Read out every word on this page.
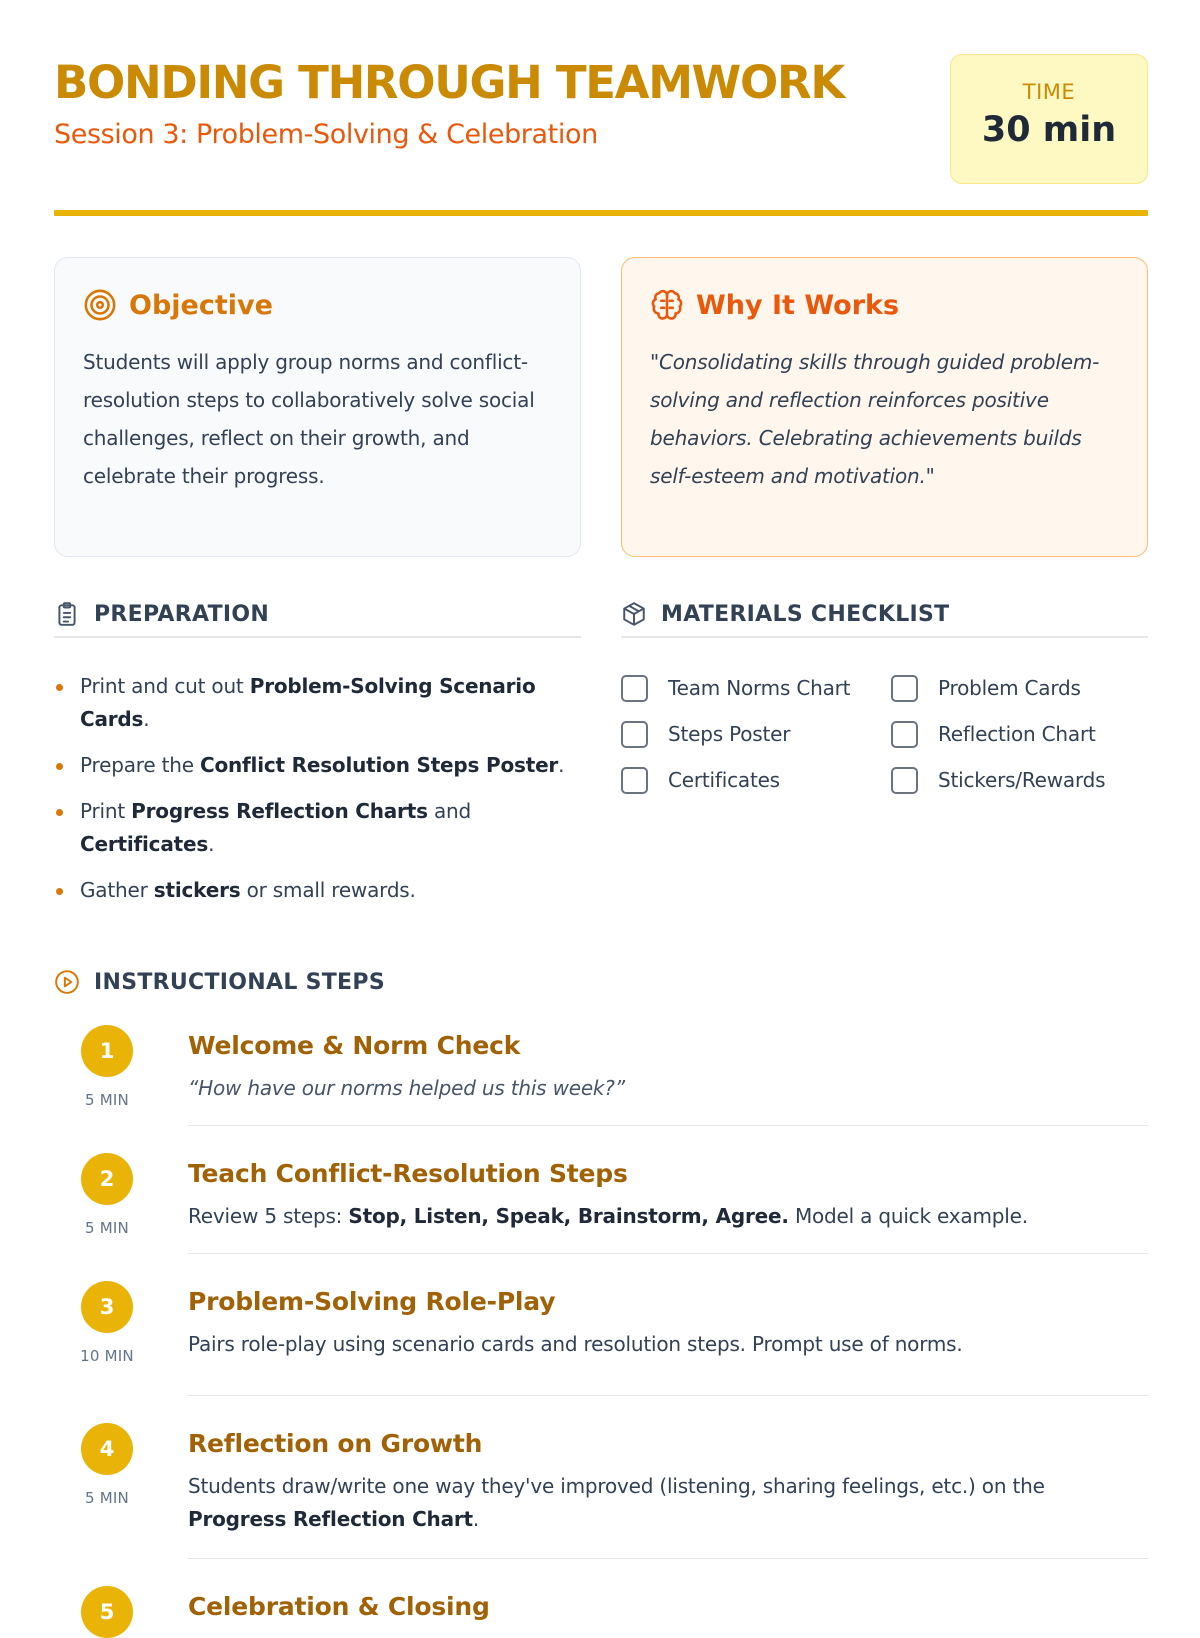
BONDING THROUGH TEAMWORK
Session 3: Problem-Solving & Celebration
TIME
30 min
Objective

Students will apply group norms and conflict-resolution steps to collaboratively solve social challenges, reflect on their growth, and celebrate their progress.

Why It Works

"Consolidating skills through guided problem-solving and reflection reinforces positive behaviors. Celebrating achievements builds self-esteem and motivation."

PREPARATION
Print and cut out Problem-Solving Scenario Cards.
Prepare the Conflict Resolution Steps Poster.
Print Progress Reflection Charts and Certificates.
Gather stickers or small rewards.
MATERIALS CHECKLIST
Team Norms Chart	Problem Cards
Steps Poster	Reflection Chart
Certificates	Stickers/Rewards
INSTRUCTIONAL STEPS
1
5 MIN
Welcome & Norm Check
“How have our norms helped us this week?”
2
5 MIN
Teach Conflict-Resolution Steps
Review 5 steps: Stop, Listen, Speak, Brainstorm, Agree. Model a quick example.
3
10 MIN
Problem-Solving Role-Play
Pairs role-play using scenario cards and resolution steps. Prompt use of norms.
4
5 MIN
Reflection on Growth
Students draw/write one way they've improved (listening, sharing feelings, etc.) on the Progress Reflection Chart.
5	Celebration & Closing
